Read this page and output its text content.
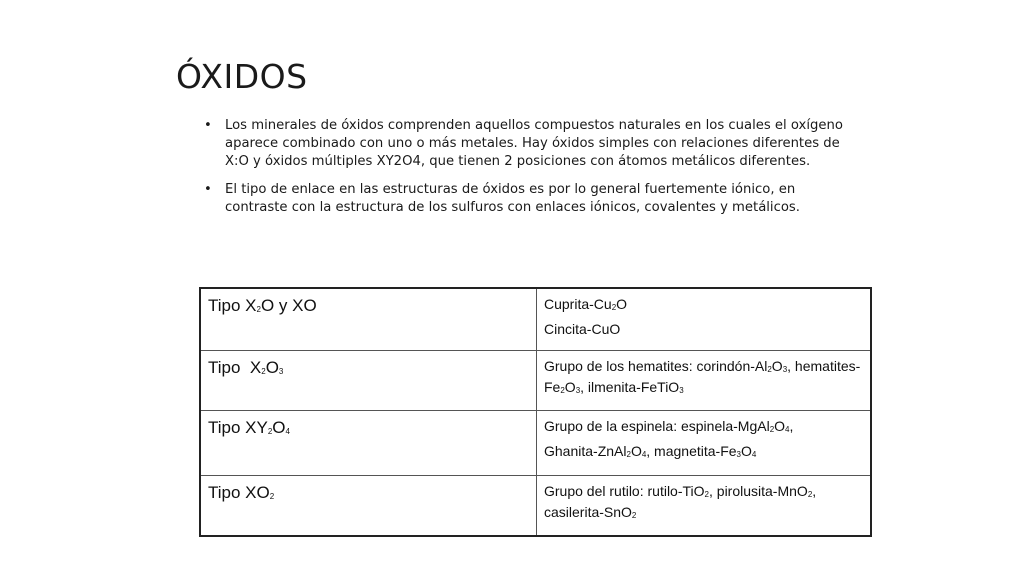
ÓXIDOS
• Los minerales de óxidos comprenden aquellos compuestos naturales en los cuales el oxígeno aparece combinado con uno o más metales. Hay óxidos simples con relaciones diferentes de X:O y óxidos múltiples XY2O4, que tienen 2 posiciones con átomos metálicos diferentes.
• El tipo de enlace en las estructuras de óxidos es por lo general fuertemente iónico, en contraste con la estructura de los sulfuros con enlaces iónicos, covalentes y metálicos.
Tipo $X_2O$ y XO	Cuprita-$Cu_2O$
Cincita-CuO

Tipo  $X_2O_3$	Grupo de los hematites: corindón-$Al_2O_3$, hematites-$Fe_2O_3$, ilmenita-FeTiO$_3$

Tipo $XY_2O_4$	Grupo de la espinela: espinela-$MgAl_2O_4$,
Ghanita-$ZnAl_2O_4$, magnetita-$Fe_3O_4$

Tipo $XO_2$	Grupo del rutilo: rutilo-TiO$_2$, pirolusita-MnO$_2$, casilerita-SnO$_2$
